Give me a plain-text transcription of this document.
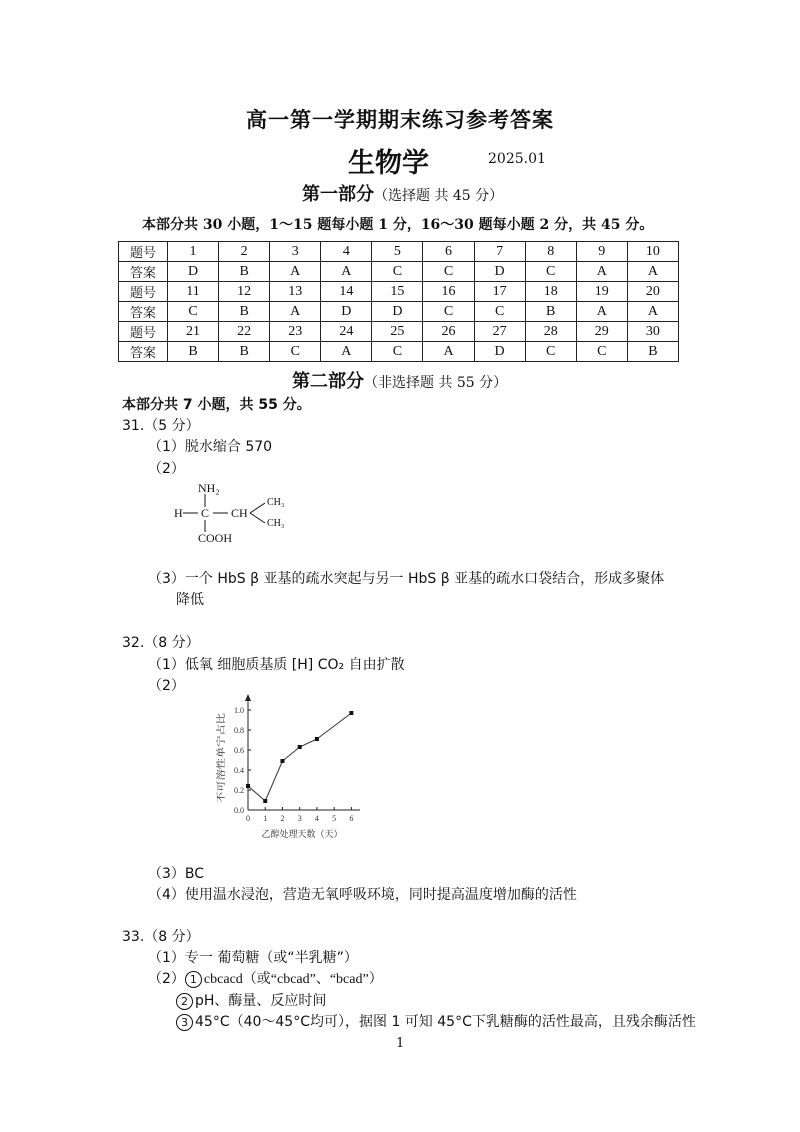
高一第一学期期末练习参考答案
生物学	2025.01
第一部分（选择题 共 45 分）
本部分共 30 小题，1～15 题每小题 1 分，16～30 题每小题 2 分，共 45 分。
题号	1	2	3	4	5	6	7	8	9	10
答案	D	B	A	A	C	C	D	C	A	A
题号	11	12	13	14	15	16	17	18	19	20
答案	C	B	A	D	D	C	C	B	A	A
题号	21	22	23	24	25	26	27	28	29	30
答案	B	B	C	A	C	A	D	C	C	B
第二部分（非选择题 共 55 分）
本部分共 7 小题，共 55 分。
31.（5 分）
（1）脱水缩合 570
（2）
NH₂
H C CH
CH₃
CH₃
COOH
（3）一个 HbS β 亚基的疏水突起与另一 HbS β 亚基的疏水口袋结合，形成多聚体
降低
32.（8 分）
（1）低氧 细胞质基质 [H] CO₂ 自由扩散
（2）
0.0
0.2
0.4
0.6
0.8
1.0
0 1 2 3 4 5 6
不可溶性单宁占比
乙醇处理天数（天）
（3）BC
（4）使用温水浸泡，营造无氧呼吸环境，同时提高温度增加酶的活性
33.（8 分）
（1）专一 葡萄糖（或“半乳糖”）
（2） 1 cbcacd（或“cbcad”、“bcad”）
2 pH、酶量、反应时间
3 45°C（40～45°C均可），据图 1 可知 45°C下乳糖酶的活性最高，且残余酶活性
1
